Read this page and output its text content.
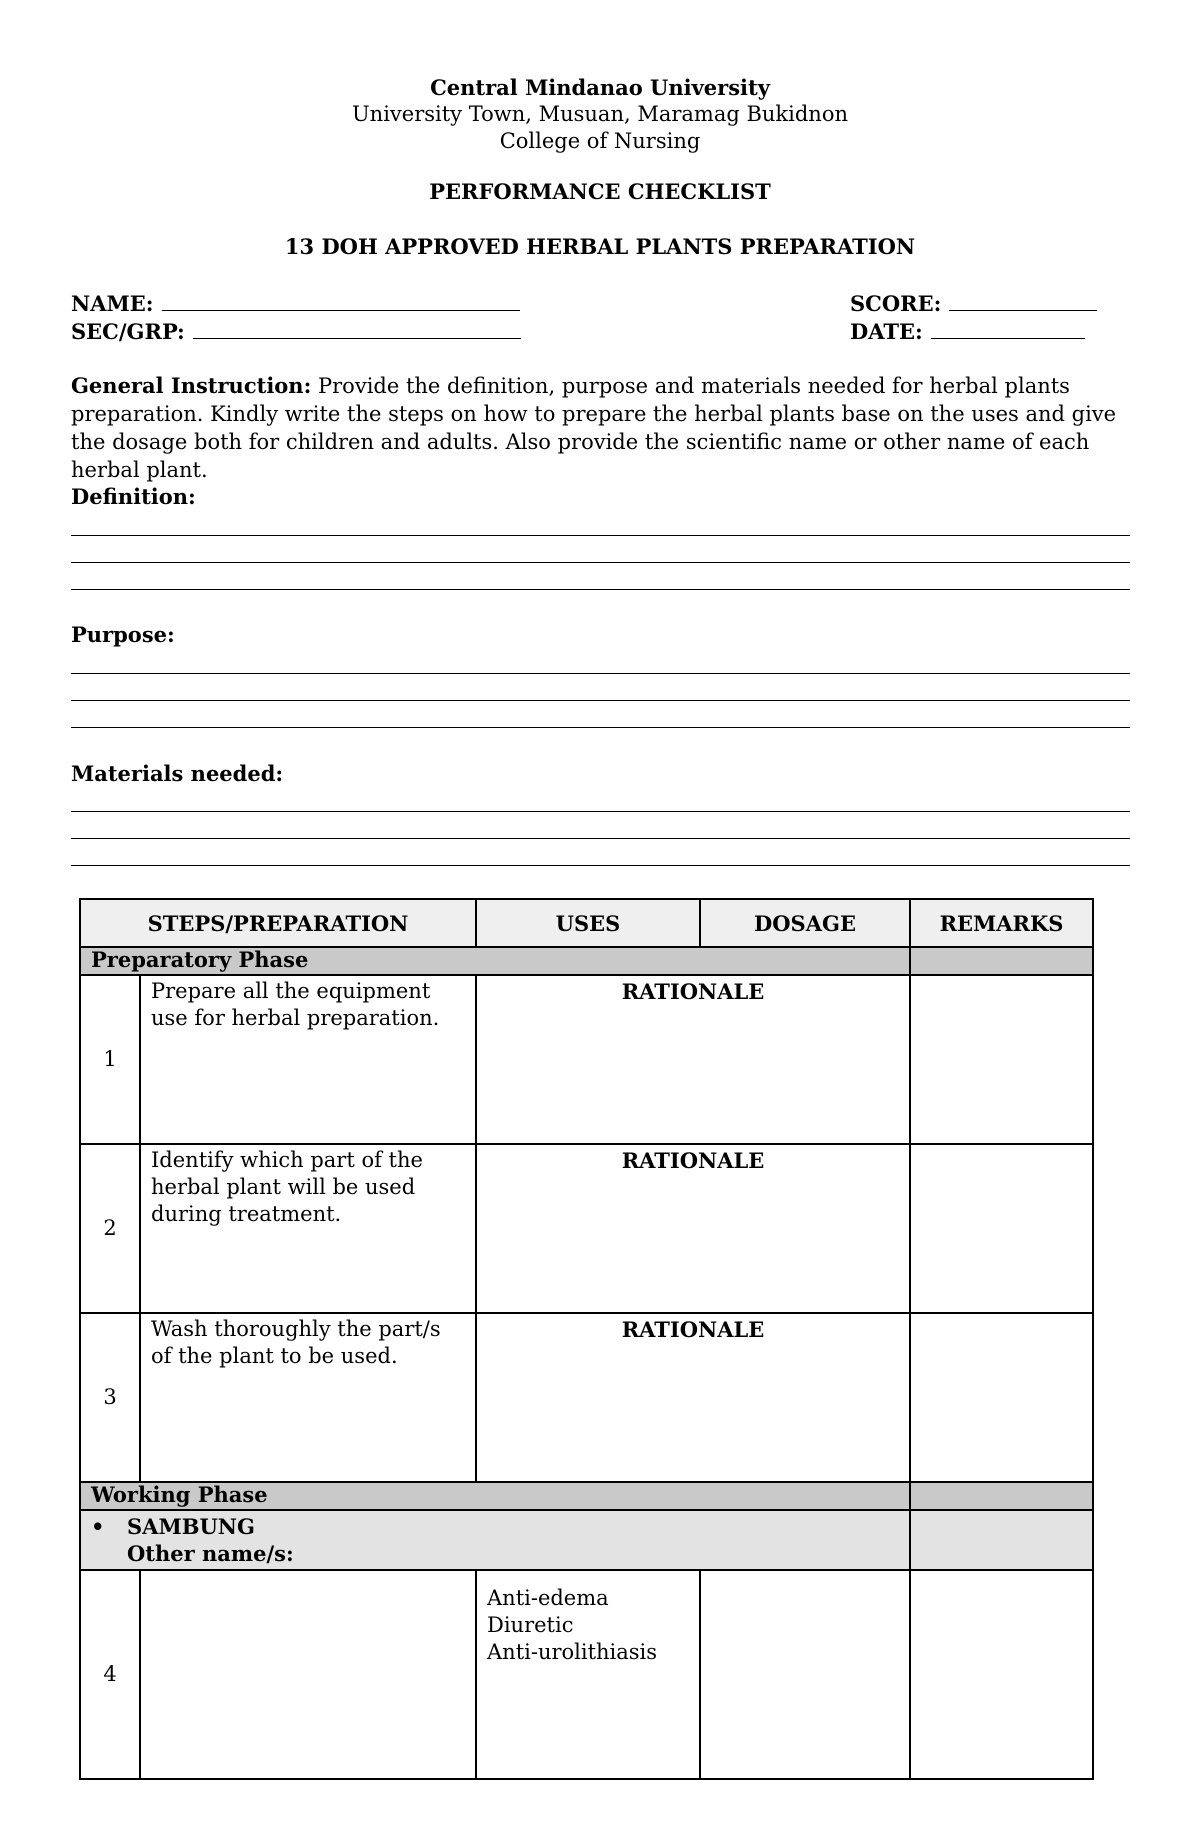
Central Mindanao University
University Town, Musuan, Maramag Bukidnon
College of Nursing
PERFORMANCE CHECKLIST
13 DOH APPROVED HERBAL PLANTS PREPARATION
NAME:
SEC/GRP:
SCORE:
DATE:
General Instruction: Provide the definition, purpose and materials needed for herbal plants preparation. Kindly write the steps on how to prepare the herbal plants base on the uses and give the dosage both for children and adults. Also provide the scientific name or other name of each herbal plant.
Definition:
Purpose:
Materials needed:
STEPS/PREPARATION		USES	DOSAGE	REMARKS
Preparatory Phase				
1	Prepare all the equipment use for herbal preparation.	RATIONALE		
2	Identify which part of the herbal plant will be used during treatment.	RATIONALE		
3	Wash thoroughly the part/s of the plant to be used.	RATIONALE		
Working Phase				

• SAMBUNG
Other name/s:				

4		Anti-edema
Diuretic
Anti-urolithiasis		
